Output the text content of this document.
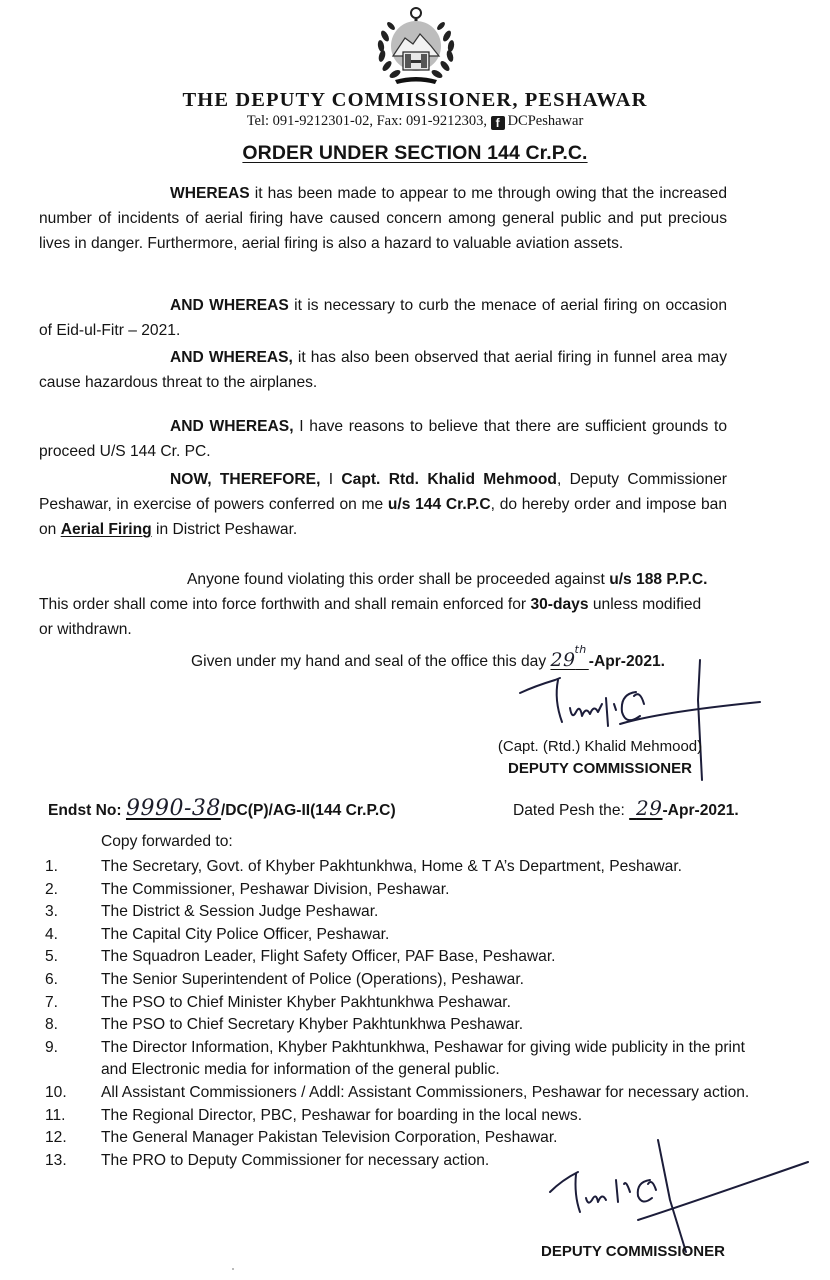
THE DEPUTY COMMISSIONER, PESHAWAR
Tel: 091-9212301-02, Fax: 091-9212303, f DCPeshawar
ORDER UNDER SECTION 144 Cr.P.C.
WHEREAS it has been made to appear to me through owing that the increased number of incidents of aerial firing have caused concern among general public and put precious lives in danger. Furthermore, aerial firing is also a hazard to valuable aviation assets.
AND WHEREAS it is necessary to curb the menace of aerial firing on occasion of Eid-ul-Fitr – 2021.
AND WHEREAS, it has also been observed that aerial firing in funnel area may cause hazardous threat to the airplanes.
AND WHEREAS, I have reasons to believe that there are sufficient grounds to proceed U/S 144 Cr. PC.
NOW, THEREFORE, I Capt. Rtd. Khalid Mehmood, Deputy Commissioner Peshawar, in exercise of powers conferred on me u/s 144 Cr.P.C, do hereby order and impose ban on Aerial Firing in District Peshawar.
Anyone found violating this order shall be proceeded against u/s 188 P.P.C. This order shall come into force forthwith and shall remain enforced for 30-days unless modified or withdrawn.
Given under my hand and seal of the office this day 29
th
-Apr-2021.
(Capt. (Rtd.) Khalid Mehmood)
DEPUTY COMMISSIONER
Endst No: 9990-38/DC(P)/AG-II(144 Cr.P.C)	Dated Pesh the:  29-Apr-2021.
Copy forwarded to:
1.	The Secretary, Govt. of Khyber Pakhtunkhwa, Home & T A’s Department, Peshawar.
2.	The Commissioner, Peshawar Division, Peshawar.
3.	The District & Session Judge Peshawar.
4.	The Capital City Police Officer, Peshawar.
5.	The Squadron Leader, Flight Safety Officer, PAF Base, Peshawar.
6.	The Senior Superintendent of Police (Operations), Peshawar.
7.	The PSO to Chief Minister Khyber Pakhtunkhwa Peshawar.
8.	The PSO to Chief Secretary Khyber Pakhtunkhwa Peshawar.
9.	The Director Information, Khyber Pakhtunkhwa, Peshawar for giving wide publicity in the print and Electronic media for information of the general public.
10. All Assistant Commissioners / Addl: Assistant Commissioners, Peshawar for necessary action.
11. The Regional Director, PBC, Peshawar for boarding in the local news.
12. The General Manager Pakistan Television Corporation, Peshawar.
13. The PRO to Deputy Commissioner for necessary action.
DEPUTY COMMISSIONER
